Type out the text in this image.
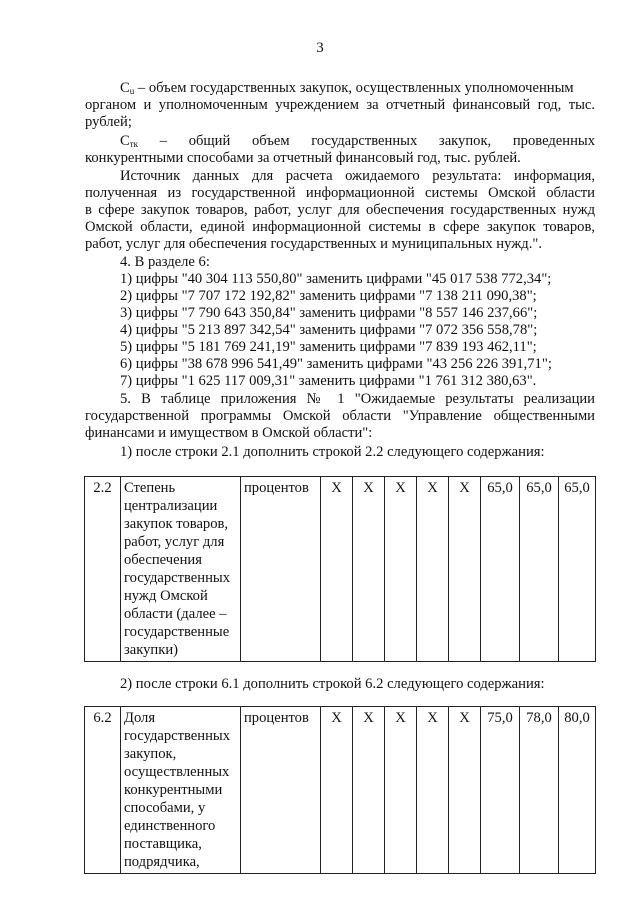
3
$С_u$ – объем государственных закупок, осуществленных уполномоченным
органом и уполномоченным учреждением за отчетный финансовый год, тыс.
рублей;
$С_{тк}$ – общий объем государственных закупок, проведенных
конкурентными способами за отчетный финансовый год, тыс. рублей.
Источник данных для расчета ожидаемого результата: информация,
полученная из государственной информационной системы Омской области
в сфере закупок товаров, работ, услуг для обеспечения государственных нужд
Омской области, единой информационной системы в сфере закупок товаров,
работ, услуг для обеспечения государственных и муниципальных нужд.".
4. В разделе 6:
1) цифры "40 304 113 550,80" заменить цифрами "45 017 538 772,34";
2) цифры "7 707 172 192,82" заменить цифрами "7 138 211 090,38";
3) цифры "7 790 643 350,84" заменить цифрами "8 557 146 237,66";
4) цифры "5 213 897 342,54" заменить цифрами "7 072 356 558,78";
5) цифры "5 181 769 241,19" заменить цифрами "7 839 193 462,11";
6) цифры "38 678 996 541,49" заменить цифрами "43 256 226 391,71";
7) цифры "1 625 117 009,31" заменить цифрами "1 761 312 380,63".
5. В таблице приложения № 1 "Ожидаемые результаты реализации
государственной программы Омской области "Управление общественными
финансами и имуществом в Омской области":
1) после строки 2.1 дополнить строкой 2.2 следующего содержания:
2.2	Степень
централизации
закупок товаров,
работ, услуг для
обеспечения
государственных
нужд Омской
области (далее –
государственные
закупки)
	процентов	X	X	X	X	X	65,0	65,0	65,0
2) после строки 6.1 дополнить строкой 6.2 следующего содержания:
6.2	Доля
государственных
закупок,
осуществленных
конкурентными
способами, у
единственного
поставщика,
подрядчика,
	процентов	X	X	X	X	X	75,0	78,0	80,0
